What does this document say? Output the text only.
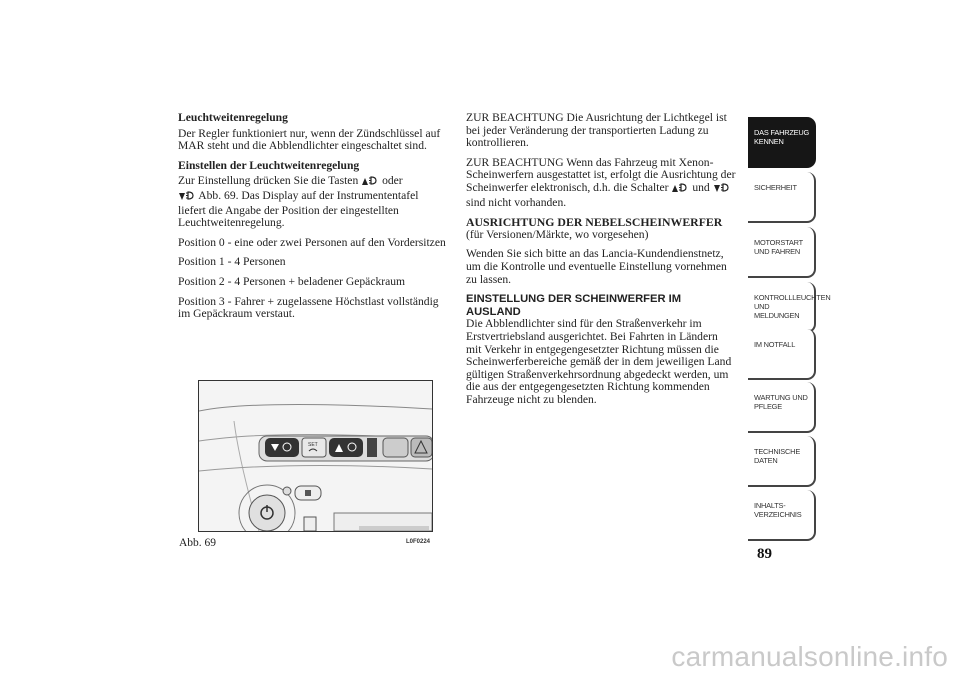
Leuchtweitenregelung

Der Regler funktioniert nur, wenn der Zündschlüssel auf MAR steht und die Abblendlichter eingeschaltet sind.

Einstellen der Leuchtweitenregelung

Zur Einstellung drücken Sie die Tasten oder
Abb. 69. Das Display auf der Instrumententafel liefert die Angabe der Position der eingestellten Leuchtweitenregelung.

Position 0 - eine oder zwei Personen auf den Vordersitzen

Position 1 - 4 Personen

Position 2 - 4 Personen + beladener Gepäckraum

Position 3 - Fahrer + zugelassene Höchstlast vollständig im Gepäckraum verstaut.

ZUR BEACHTUNG Die Ausrichtung der Lichtkegel ist bei jeder Veränderung der transportierten Ladung zu kontrollieren.

ZUR BEACHTUNG Wenn das Fahrzeug mit Xenon-Scheinwerfern ausgestattet ist, erfolgt die Ausrichtung der Scheinwerfer elektronisch, d.h. die Schalter und  sind nicht vorhanden.

AUSRICHTUNG DER NEBELSCHEINWERFER

(für Versionen/Märkte, wo vorgesehen)

Wenden Sie sich bitte an das Lancia-Kundendienstnetz, um die Kontrolle und eventuelle Einstellung vornehmen zu lassen.

EINSTELLUNG DER SCHEINWERFER IM AUSLAND

Die Abblendlichter sind für den Straßenverkehr im Erstvertriebsland ausgerichtet. Bei Fahrten in Ländern mit Verkehr in entgegengesetzter Richtung müssen die Scheinwerferbereiche gemäß der in dem jeweiligen Land gültigen Straßenverkehrsordnung abgedeckt werden, um die aus der entgegengesetzten Richtung kommenden Fahrzeuge nicht zu blenden.

SET
Abb. 69	L0F0224
DAS FAHRZEUG KENNEN
SICHERHEIT
MOTORSTART UND FAHREN
KONTROLLLEUCHTEN UND MELDUNGEN
IM NOTFALL
WARTUNG UND PFLEGE
TECHNISCHE DATEN
INHALTS-VERZEICHNIS
89
carmanualsonline.info
